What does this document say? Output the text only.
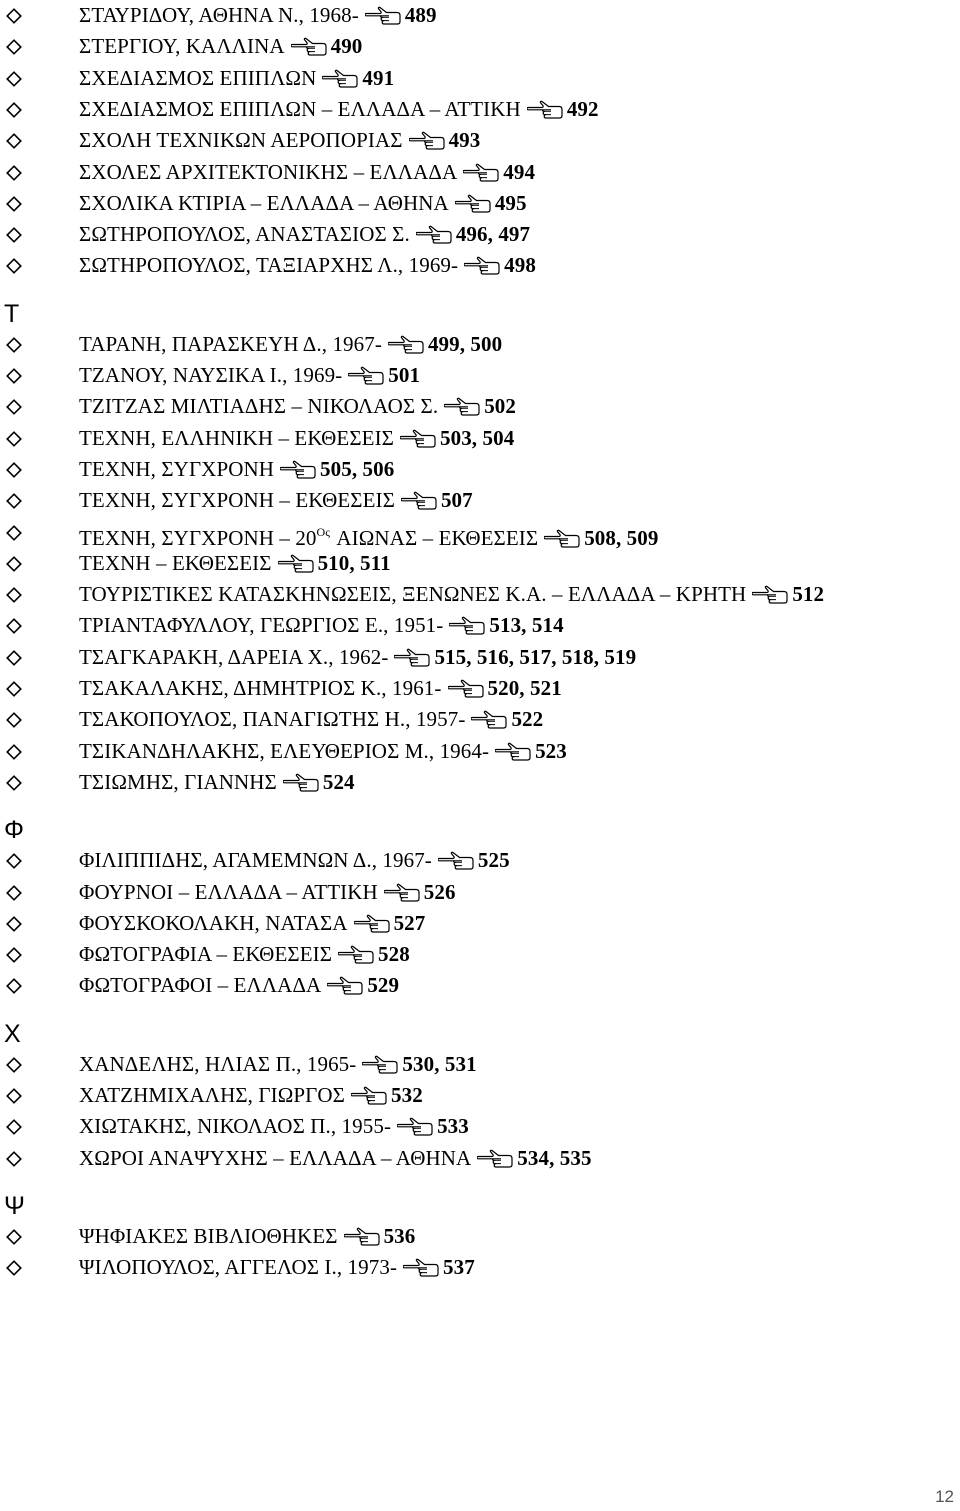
ΣΤΑΥΡΙΔΟΥ, ΑΘΗΝΑ Ν., 1968- 489
ΣΤΕΡΓΙΟΥ, ΚΑΛΛΙΝΑ 490
ΣΧΕΔΙΑΣΜΟΣ ΕΠΙΠΛΩΝ 491
ΣΧΕΔΙΑΣΜΟΣ ΕΠΙΠΛΩΝ – ΕΛΛΑΔΑ – ΑΤΤΙΚΗ 492
ΣΧΟΛΗ ΤΕΧΝΙΚΩΝ ΑΕΡΟΠΟΡΙΑΣ 493
ΣΧΟΛΕΣ ΑΡΧΙΤΕΚΤΟΝΙΚΗΣ – ΕΛΛΑΔΑ 494
ΣΧΟΛΙΚΑ ΚΤΙΡΙΑ – ΕΛΛΑΔΑ – ΑΘΗΝΑ 495
ΣΩΤΗΡΟΠΟΥΛΟΣ, ΑΝΑΣΤΑΣΙΟΣ Σ. 496, 497
ΣΩΤΗΡΟΠΟΥΛΟΣ, ΤΑΞΙΑΡΧΗΣ Λ., 1969- 498
Τ
ΤΑΡΑΝΗ, ΠΑΡΑΣΚΕΥΗ Δ., 1967- 499, 500
ΤΖΑΝΟΥ, ΝΑΥΣΙΚΑ Ι., 1969- 501
ΤΖΙΤΖΑΣ ΜΙΛΤΙΑΔΗΣ – ΝΙΚΟΛΑΟΣ Σ. 502
ΤΕΧΝΗ, ΕΛΛΗΝΙΚΗ – ΕΚΘΕΣΕΙΣ 503, 504
ΤΕΧΝΗ, ΣΥΓΧΡΟΝΗ 505, 506
ΤΕΧΝΗ, ΣΥΓΧΡΟΝΗ – ΕΚΘΕΣΕΙΣ 507
ΤΕΧΝΗ, ΣΥΓΧΡΟΝΗ – $20^{O\varsigma}$ ΑΙΩΝΑΣ – ΕΚΘΕΣΕΙΣ 508, 509
ΤΕΧΝΗ – ΕΚΘΕΣΕΙΣ 510, 511
ΤΟΥΡΙΣΤΙΚΕΣ ΚΑΤΑΣΚΗΝΩΣΕΙΣ, ΞΕΝΩΝΕΣ Κ.Α. – ΕΛΛΑΔΑ – ΚΡΗΤΗ 512
ΤΡΙΑΝΤΑΦΥΛΛΟΥ, ΓΕΩΡΓΙΟΣ Ε., 1951- 513, 514
ΤΣΑΓΚΑΡΑΚΗ, ΔΑΡΕΙΑ Χ., 1962- 515, 516, 517, 518, 519
ΤΣΑΚΑΛΑΚΗΣ, ΔΗΜΗΤΡΙΟΣ Κ., 1961- 520, 521
ΤΣΑΚΟΠΟΥΛΟΣ, ΠΑΝΑΓΙΩΤΗΣ Η., 1957- 522
ΤΣΙΚΑΝΔΗΛΑΚΗΣ, ΕΛΕΥΘΕΡΙΟΣ Μ., 1964- 523
ΤΣΙΩΜΗΣ, ΓΙΑΝΝΗΣ 524
Φ
ΦΙΛΙΠΠΙΔΗΣ, ΑΓΑΜΕΜΝΩΝ Δ., 1967- 525
ΦΟΥΡΝΟΙ – ΕΛΛΑΔΑ – ΑΤΤΙΚΗ 526
ΦΟΥΣΚΟΚΟΛΑΚΗ, ΝΑΤΑΣΑ 527
ΦΩΤΟΓΡΑΦΙΑ – ΕΚΘΕΣΕΙΣ 528
ΦΩΤΟΓΡΑΦΟΙ – ΕΛΛΑΔΑ 529
Χ
ΧΑΝΔΕΛΗΣ, ΗΛΙΑΣ Π., 1965- 530, 531
ΧΑΤΖΗΜΙΧΑΛΗΣ, ΓΙΩΡΓΟΣ 532
ΧΙΩΤΑΚΗΣ, ΝΙΚΟΛΑΟΣ Π., 1955- 533
ΧΩΡΟΙ ΑΝΑΨΥΧΗΣ – ΕΛΛΑΔΑ – ΑΘΗΝΑ 534, 535
Ψ
ΨΗΦΙΑΚΕΣ ΒΙΒΛΙΟΘΗΚΕΣ 536
ΨΙΛΟΠΟΥΛΟΣ, ΑΓΓΕΛΟΣ Ι., 1973- 537
12
